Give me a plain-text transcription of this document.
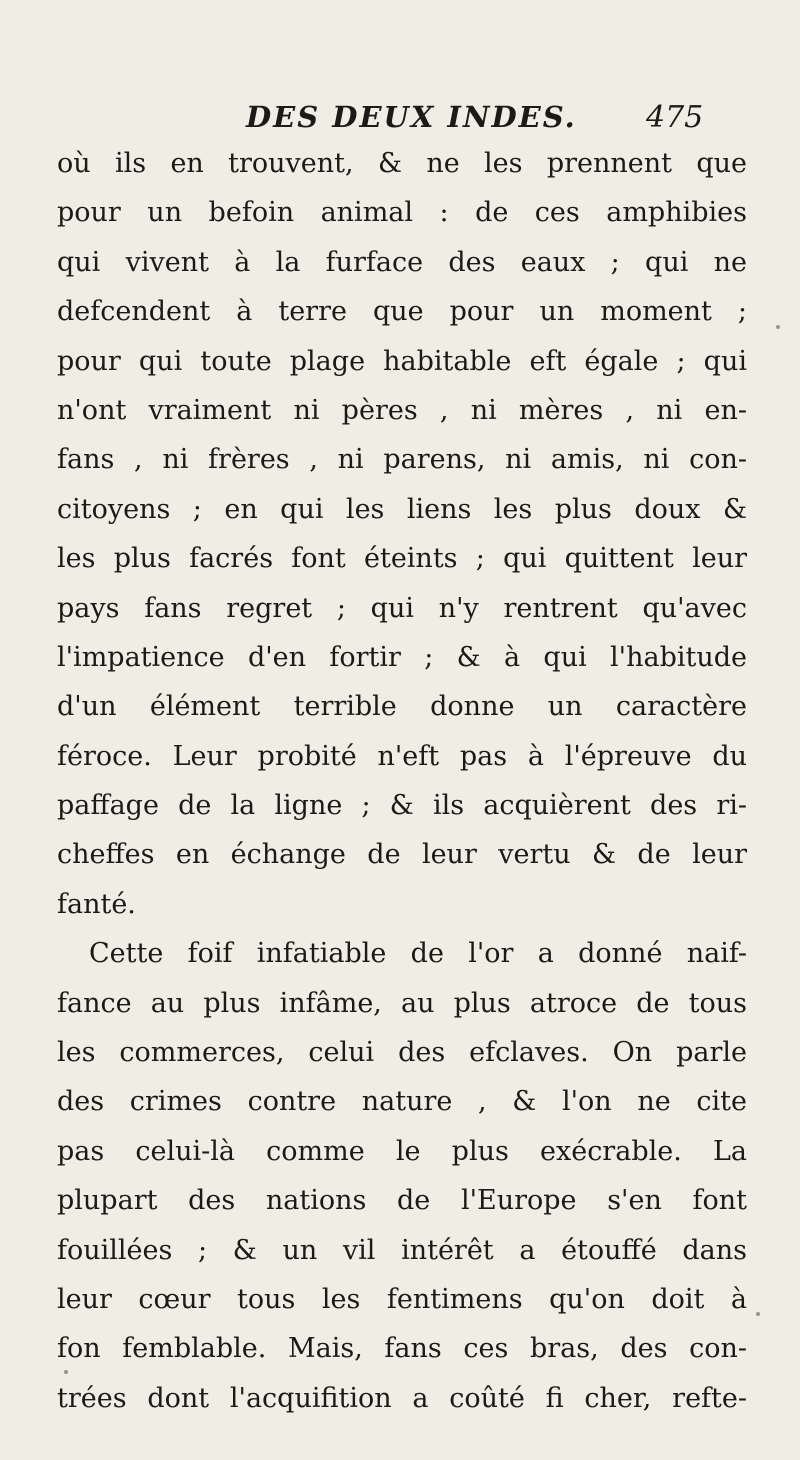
DES DEUX INDES. 475
où ils en trouvent, & ne les prennent que
pour un befoin animal : de ces amphibies
qui vivent à la furface des eaux ; qui ne
defcendent à terre que pour un moment ;
pour qui toute plage habitable eft égale ; qui
n'ont vraiment ni pères , ni mères , ni en-
fans , ni frères , ni parens, ni amis, ni con-
citoyens ; en qui les liens les plus doux &
les plus facrés font éteints ; qui quittent leur
pays fans regret ; qui n'y rentrent qu'avec
l'impatience d'en fortir ; & à qui l'habitude
d'un élément terrible donne un caractère
féroce. Leur probité n'eft pas à l'épreuve du
paffage de la ligne ; & ils acquièrent des ri-
cheffes en échange de leur vertu & de leur
fanté.
Cette foif infatiable de l'or a donné naif-
fance au plus infâme, au plus atroce de tous
les commerces, celui des efclaves. On parle
des crimes contre nature , & l'on ne cite
pas celui-là comme le plus exécrable. La
plupart des nations de l'Europe s'en font
fouillées ; & un vil intérêt a étouffé dans
leur cœur tous les fentimens qu'on doit à
fon femblable. Mais, fans ces bras, des con-
trées dont l'acquifition a coûté fi cher, refte-
